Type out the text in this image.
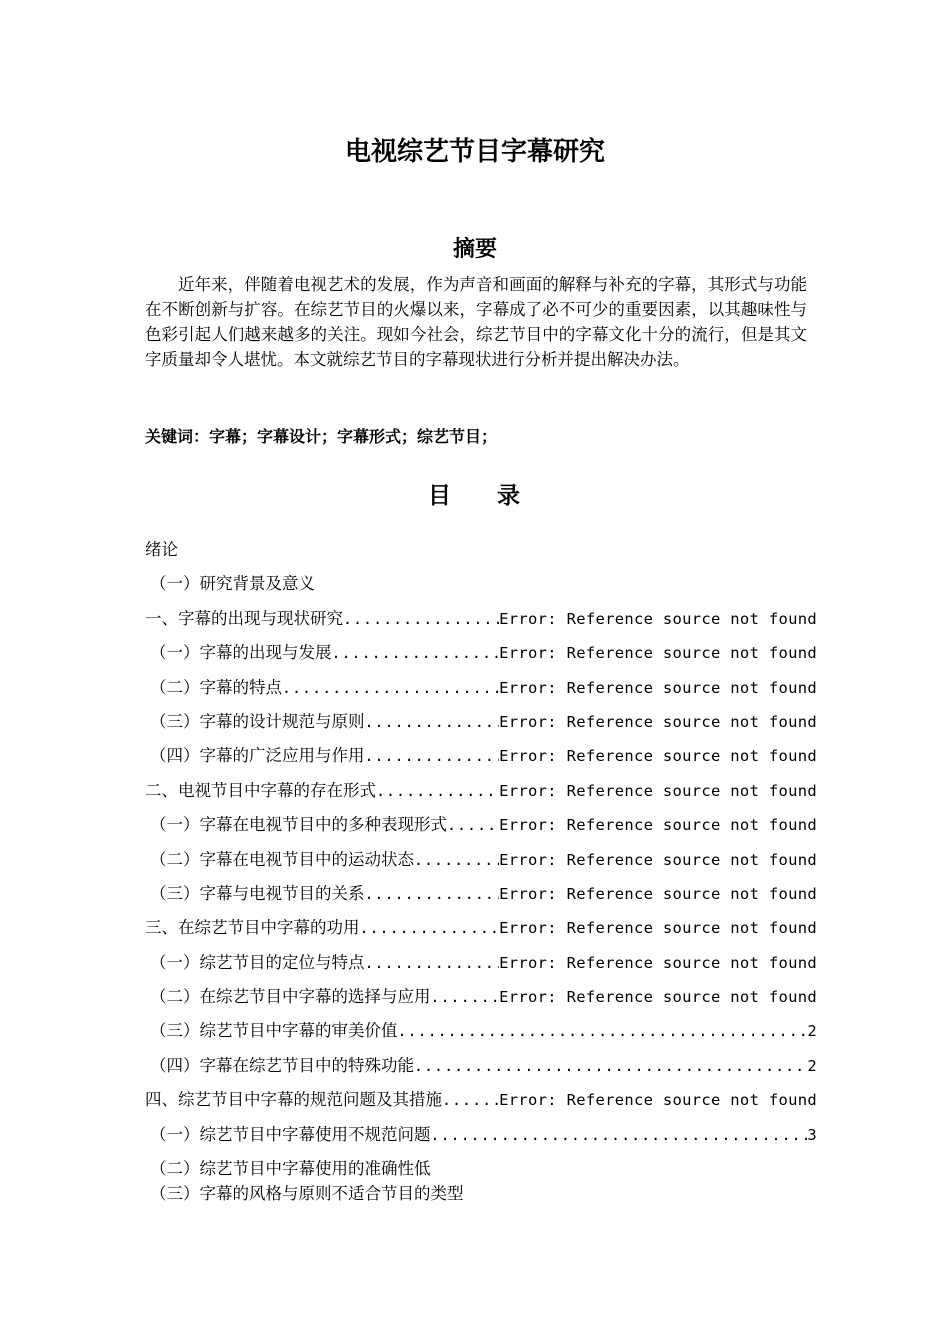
电视综艺节目字幕研究
摘要

近年来，伴随着电视艺术的发展，作为声音和画面的解释与补充的字幕，其形式与功能在不断创新与扩容。在综艺节目的火爆以来，字幕成了必不可少的重要因素，以其趣味性与色彩引起人们越来越多的关注。现如今社会，综艺节目中的字幕文化十分的流行，但是其文字质量却令人堪忧。本文就综艺节目的字幕现状进行分析并提出解决办法。

关键词：字幕；字幕设计；字幕形式；综艺节目；
目 录
绪论
（一）研究背景及意义
一、字幕的出现与现状研究 .....	Error: Reference source not found
（一）字幕的出现与发展 .....	Error: Reference source not found
（二）字幕的特点 .....	Error: Reference source not found
（三）字幕的设计规范与原则 .....	Error: Reference source not found
（四）字幕的广泛应用与作用 .....	Error: Reference source not found
二、电视节目中字幕的存在形式 .....	Error: Reference source not found
（一）字幕在电视节目中的多种表现形式 .....	Error: Reference source not found
（二）字幕在电视节目中的运动状态 .....	Error: Reference source not found
（三）字幕与电视节目的关系 .....	Error: Reference source not found
三、在综艺节目中字幕的功用 .....	Error: Reference source not found
（一）综艺节目的定位与特点 .....	Error: Reference source not found
（二）在综艺节目中字幕的选择与应用 .....	Error: Reference source not found
（三）综艺节目中字幕的审美价值 .....	2
（四）字幕在综艺节目中的特殊功能 .....	2
四、综艺节目中字幕的规范问题及其措施 .....	Error: Reference source not found
（一）综艺节目中字幕使用不规范问题 .....	3
（二）综艺节目中字幕使用的准确性低
（三）字幕的风格与原则不适合节目的类型
